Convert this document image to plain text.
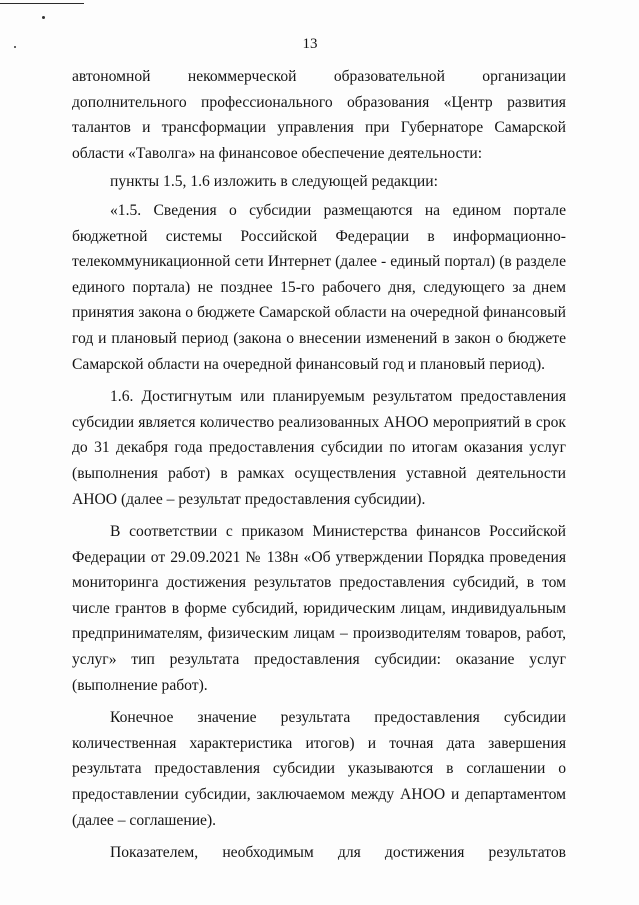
13
автономной некоммерческой образовательной организации
дополнительного профессионального образования «Центр развития
талантов и трансформации управления при Губернаторе Самарской
области «Таволга» на финансовое обеспечение деятельности:
пункты 1.5, 1.6 изложить в следующей редакции:
«1.5. Сведения о субсидии размещаются на едином портале
бюджетной системы Российской Федерации в информационно-
телекоммуникационной сети Интернет (далее - единый портал) (в разделе
единого портала) не позднее 15-го рабочего дня, следующего за днем
принятия закона о бюджете Самарской области на очередной финансовый
год и плановый период (закона о внесении изменений в закон о бюджете
Самарской области на очередной финансовый год и плановый период).
1.6. Достигнутым или планируемым результатом предоставления
субсидии является количество реализованных АНОО мероприятий в срок
до 31 декабря года предоставления субсидии по итогам оказания услуг
(выполнения работ) в рамках осуществления уставной деятельности
АНОО (далее – результат предоставления субсидии).
В соответствии с приказом Министерства финансов Российской
Федерации от 29.09.2021 № 138н «Об утверждении Порядка проведения
мониторинга достижения результатов предоставления субсидий, в том
числе грантов в форме субсидий, юридическим лицам, индивидуальным
предпринимателям, физическим лицам – производителям товаров, работ,
услуг» тип результата предоставления субсидии: оказание услуг
(выполнение работ).
Конечное значение результата предоставления субсидии
количественная характеристика итогов) и точная дата завершения
результата предоставления субсидии указываются в соглашении о
предоставлении субсидии, заключаемом между АНОО и департаментом
(далее – соглашение).
Показателем, необходимым для достижения результатов
